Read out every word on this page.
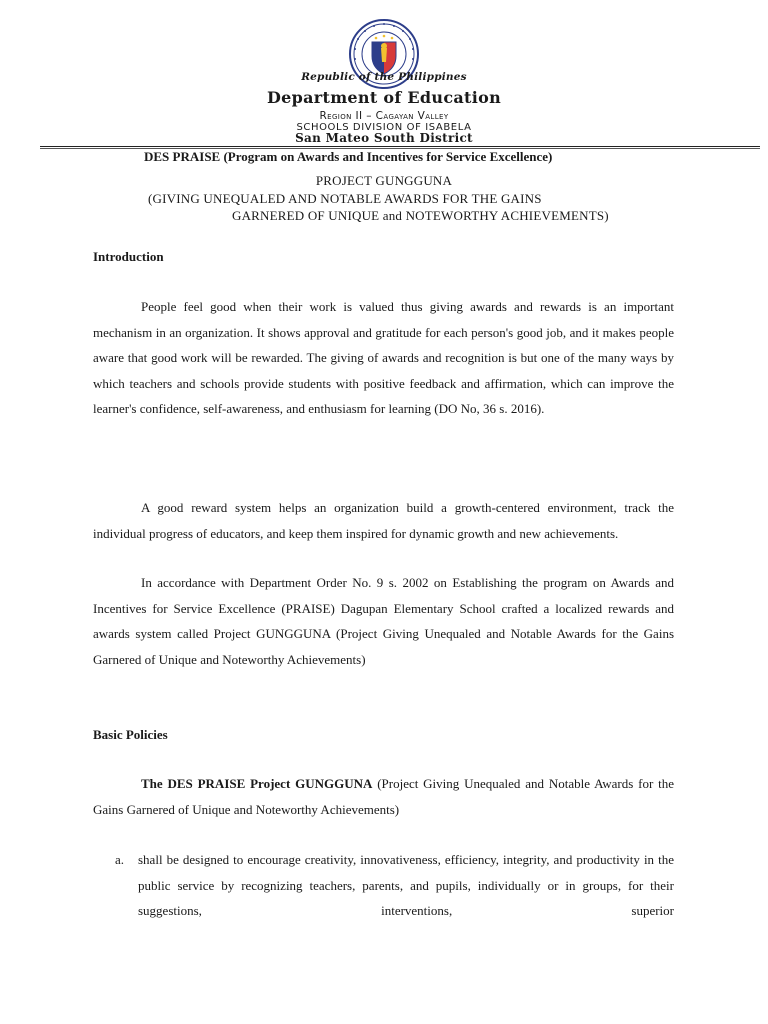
Republic of the Philippines

Department of Education

Region II – Cagayan Valley

SCHOOLS DIVISION OF ISABELA

San Mateo South District

DES PRAISE (Program on Awards and Incentives for Service Excellence)

PROJECT GUNGGUNA

(GIVING UNEQUALED AND NOTABLE AWARDS FOR THE GAINS

GARNERED OF UNIQUE and NOTEWORTHY ACHIEVEMENTS)

Introduction

People feel good when their work is valued thus giving awards and rewards is an important mechanism in an organization. It shows approval and gratitude for each person's good job, and it makes people aware that good work will be rewarded. The giving of awards and recognition is but one of the many ways by which teachers and schools provide students with positive feedback and affirmation, which can improve the learner's confidence, self-awareness, and enthusiasm for learning (DO No, 36 s. 2016).

A good reward system helps an organization build a growth-centered environment, track the individual progress of educators, and keep them inspired for dynamic growth and new achievements.

In accordance with Department Order No. 9 s. 2002 on Establishing the program on Awards and Incentives for Service Excellence (PRAISE) Dagupan Elementary School crafted a localized rewards and awards system called Project GUNGGUNA (Project Giving Unequaled and Notable Awards for the Gains Garnered of Unique and Noteworthy Achievements)

Basic Policies

The DES PRAISE Project GUNGGUNA (Project Giving Unequaled and Notable Awards for the Gains Garnered of Unique and Noteworthy Achievements)

a. shall be designed to encourage creativity, innovativeness, efficiency, integrity, and productivity in the public service by recognizing teachers, parents, and pupils, individually or in groups, for their suggestions, interventions, superior
